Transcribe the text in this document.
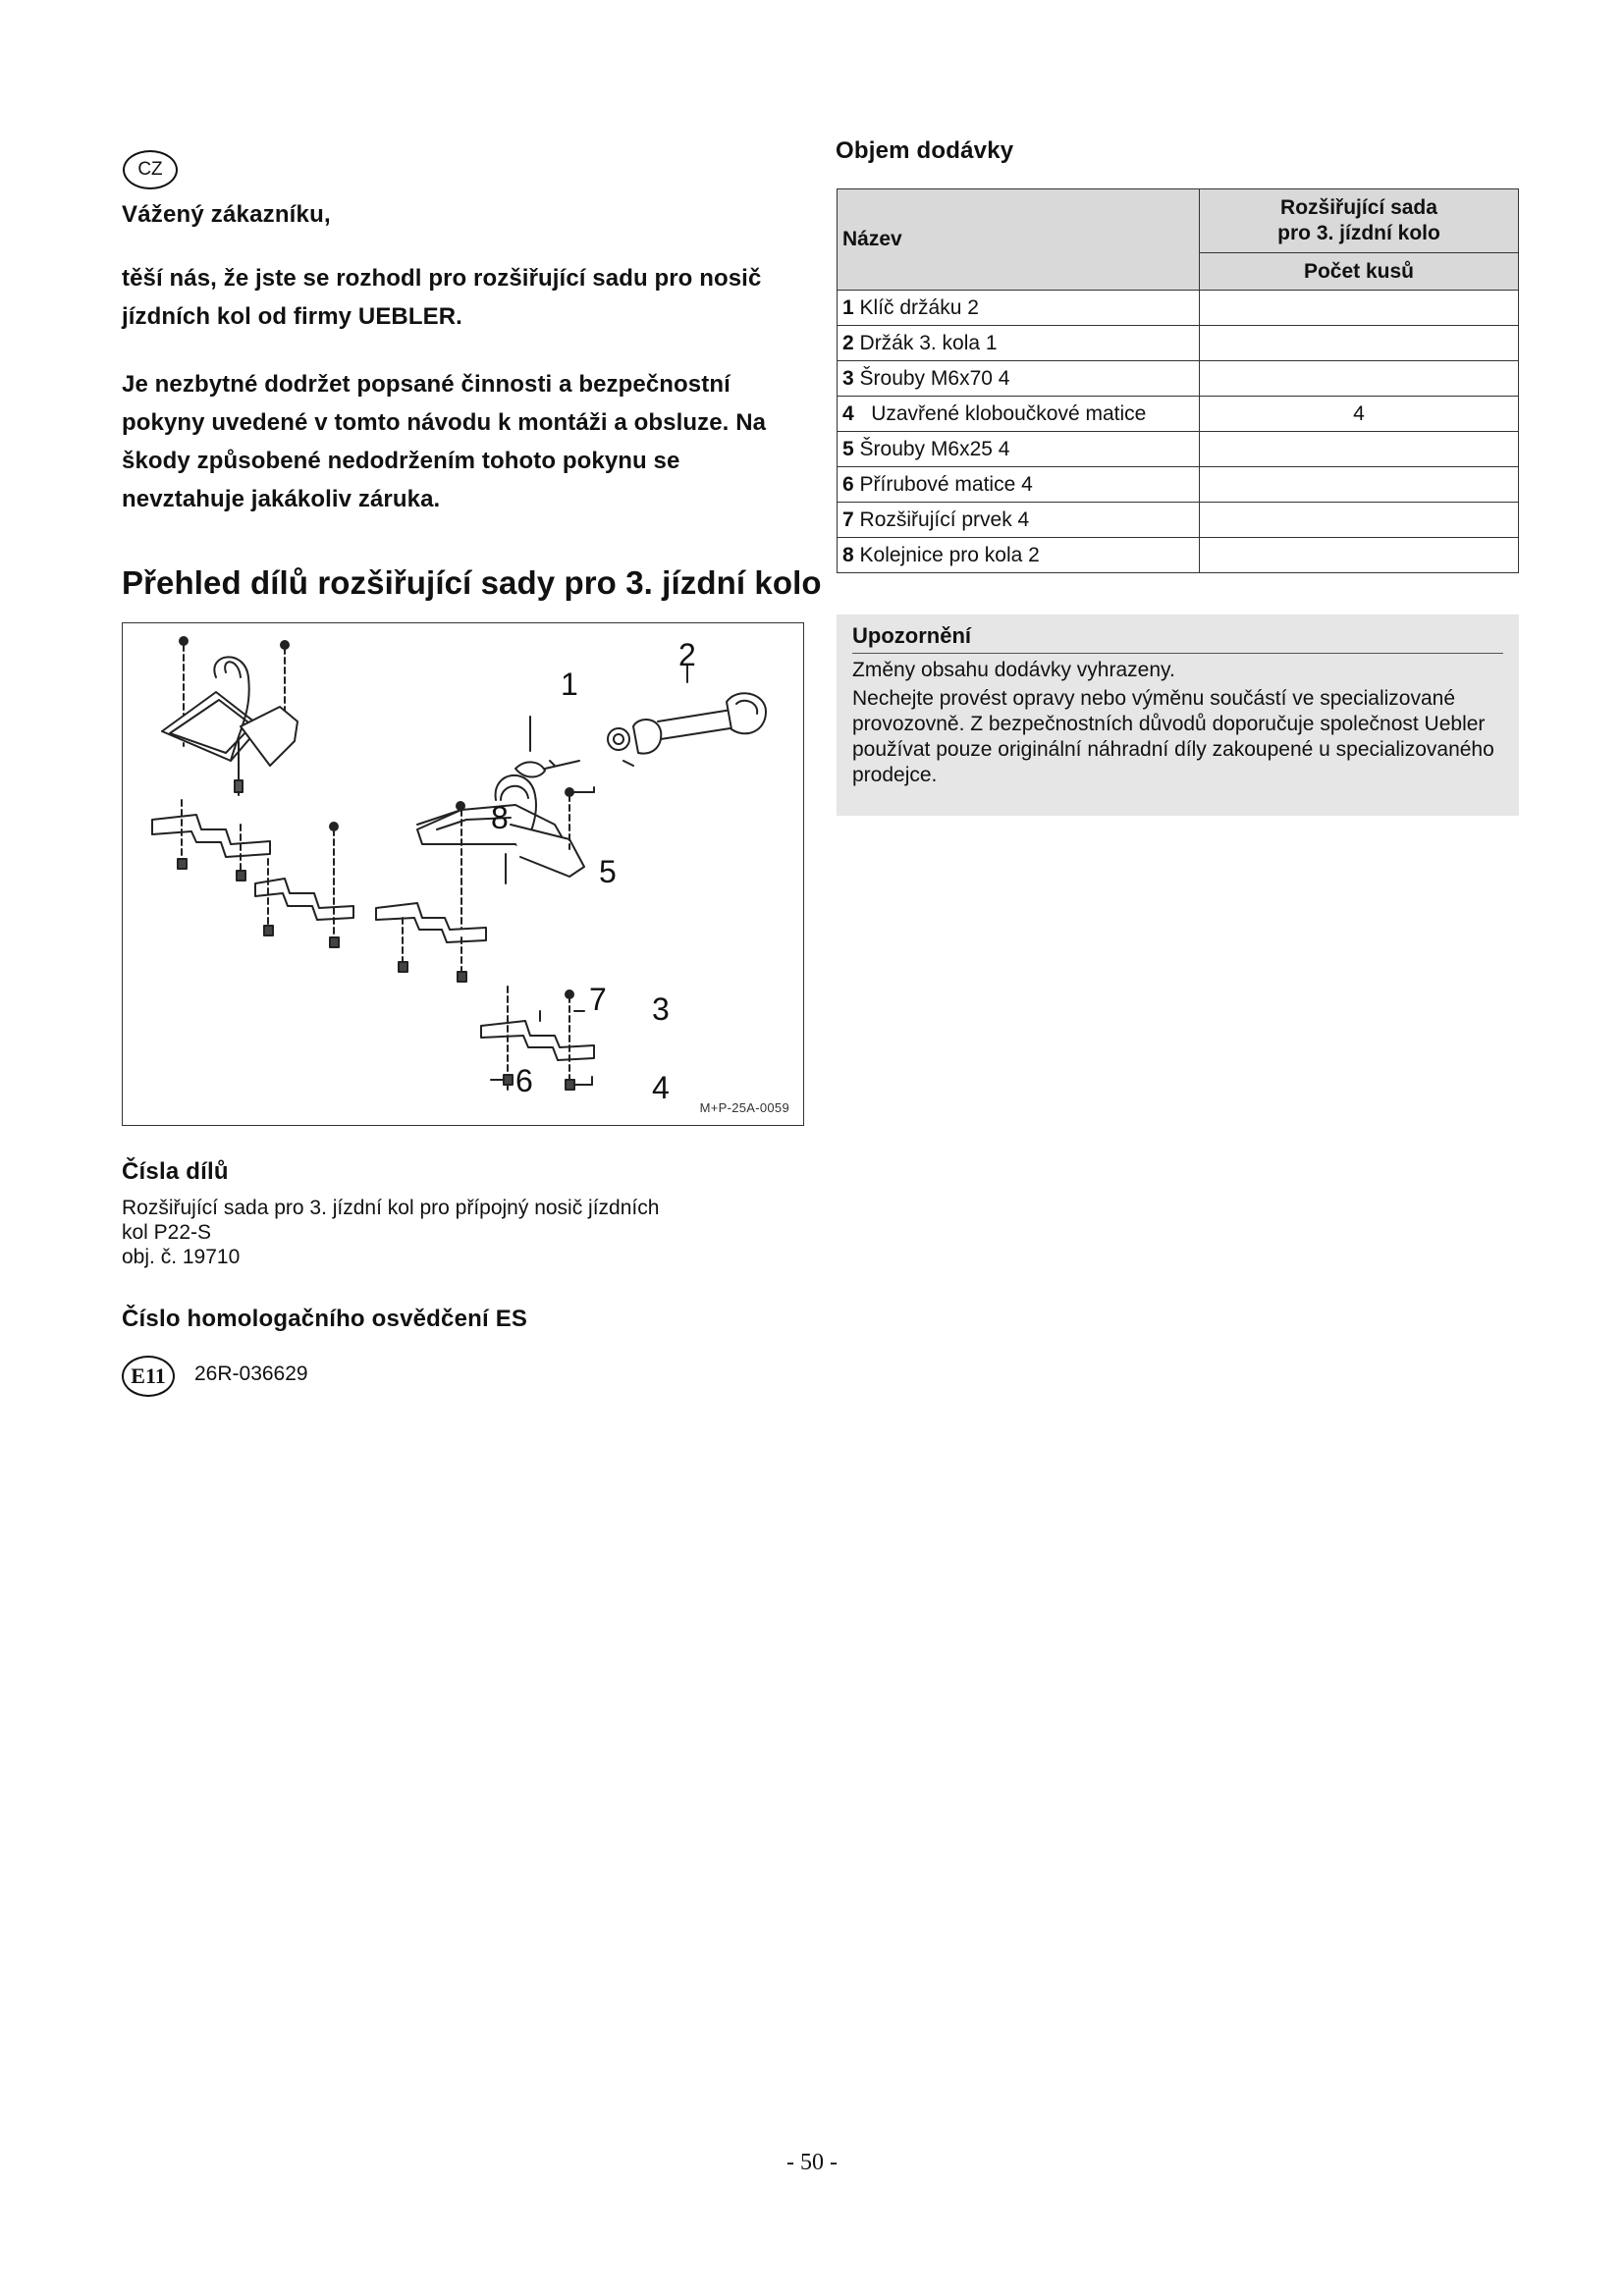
CZ
Vážený zákazníku,
těší nás, že jste se rozhodl pro rozšiřující sadu pro nosič jízdních kol od firmy UEBLER.
Je nezbytné dodržet popsané činnosti a bezpečnostní pokyny uvedené v tomto návodu k montáži a obsluze. Na škody způsobené nedodržením tohoto pokynu se nevztahuje jakákoliv záruka.
Přehled dílů rozšiřující sady pro 3. jízdní kolo
1
2
3
4
5
6
7
8
M+P-25A-0059
Čísla dílů
Rozšiřující sada pro 3. jízdní kol pro přípojný nosič jízdních
kol P22-S
obj. č. 19710
Číslo homologačního osvědčení ES
E11	26R-036629
Objem dodávky
Název	Rozšiřující sada
pro 3. jízdní kolo

	Počet kusů
1 Klíč držáku 2	
2 Držák 3. kola 1	
3 Šrouby M6x70 4	
4   Uzavřené kloboučkové matice	4
5 Šrouby M6x25 4	
6 Přírubové matice 4	
7 Rozšiřující prvek 4	
8 Kolejnice pro kola 2	
Upozornění
Změny obsahu dodávky vyhrazeny.
Nechejte provést opravy nebo výměnu součástí ve specializované provozovně. Z bezpečnostních důvodů doporučuje společnost Uebler používat pouze originální náhradní díly zakoupené u specializovaného prodejce.
- 50 -
